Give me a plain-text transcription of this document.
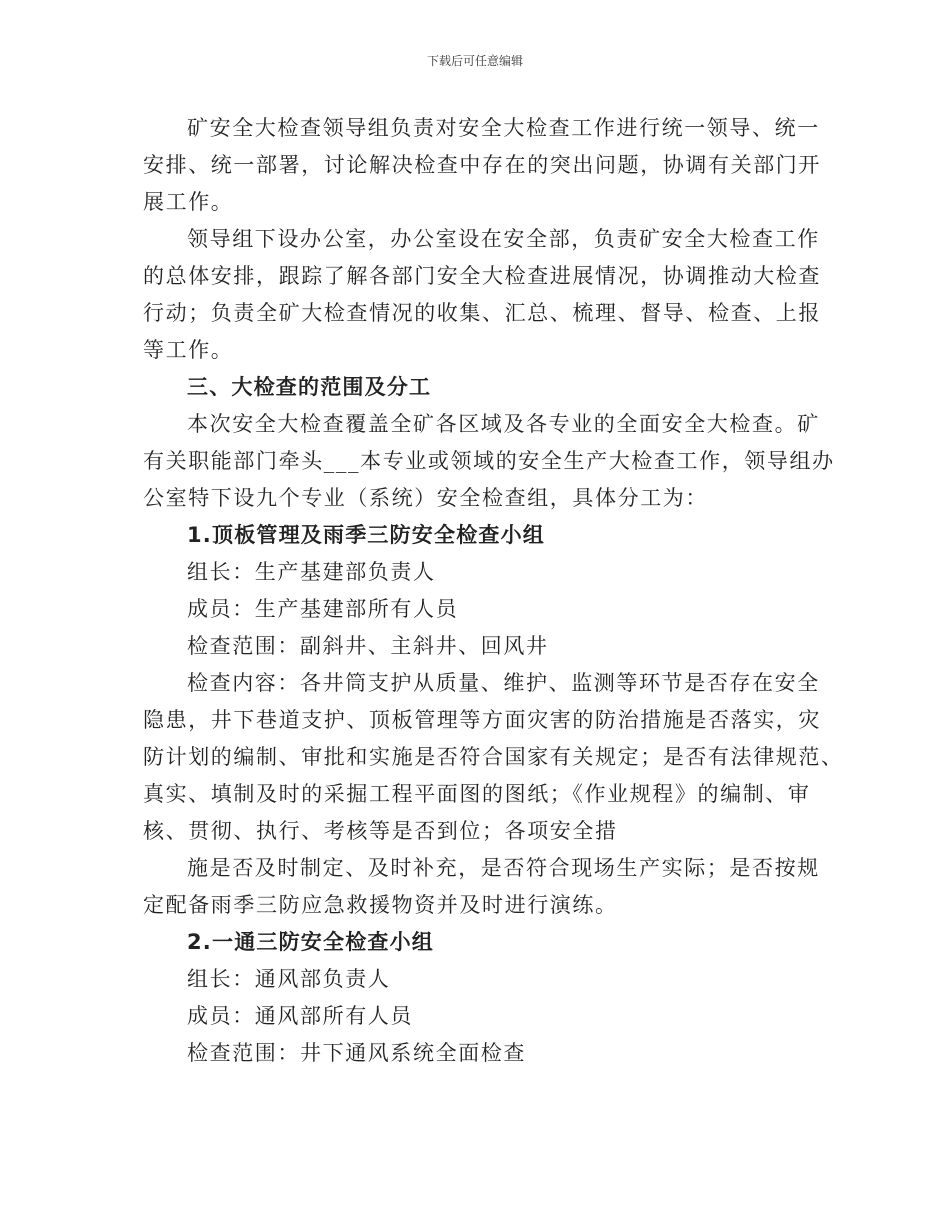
下载后可任意编辑
矿安全大检查领导组负责对安全大检查工作进行统一领导、统一
安排、统一部署，讨论解决检查中存在的突出问题，协调有关部门开
展工作。
领导组下设办公室，办公室设在安全部，负责矿安全大检查工作
的总体安排，跟踪了解各部门安全大检查进展情况，协调推动大检查
行动；负责全矿大检查情况的收集、汇总、梳理、督导、检查、上报
等工作。
三、大检查的范围及分工
本次安全大检查覆盖全矿各区域及各专业的全面安全大检查。矿
有关职能部门牵头___本专业或领域的安全生产大检查工作，领导组办
公室特下设九个专业（系统）安全检查组，具体分工为：
1.顶板管理及雨季三防安全检查小组
组长：生产基建部负责人
成员：生产基建部所有人员
检查范围：副斜井、主斜井、回风井
检查内容：各井筒支护从质量、维护、监测等环节是否存在安全
隐患，井下巷道支护、顶板管理等方面灾害的防治措施是否落实，灾
防计划的编制、审批和实施是否符合国家有关规定；是否有法律规范、
真实、填制及时的采掘工程平面图的图纸；《作业规程》的编制、审
核、贯彻、执行、考核等是否到位；各项安全措
施是否及时制定、及时补充，是否符合现场生产实际；是否按规
定配备雨季三防应急救援物资并及时进行演练。
2.一通三防安全检查小组
组长：通风部负责人
成员：通风部所有人员
检查范围：井下通风系统全面检查
